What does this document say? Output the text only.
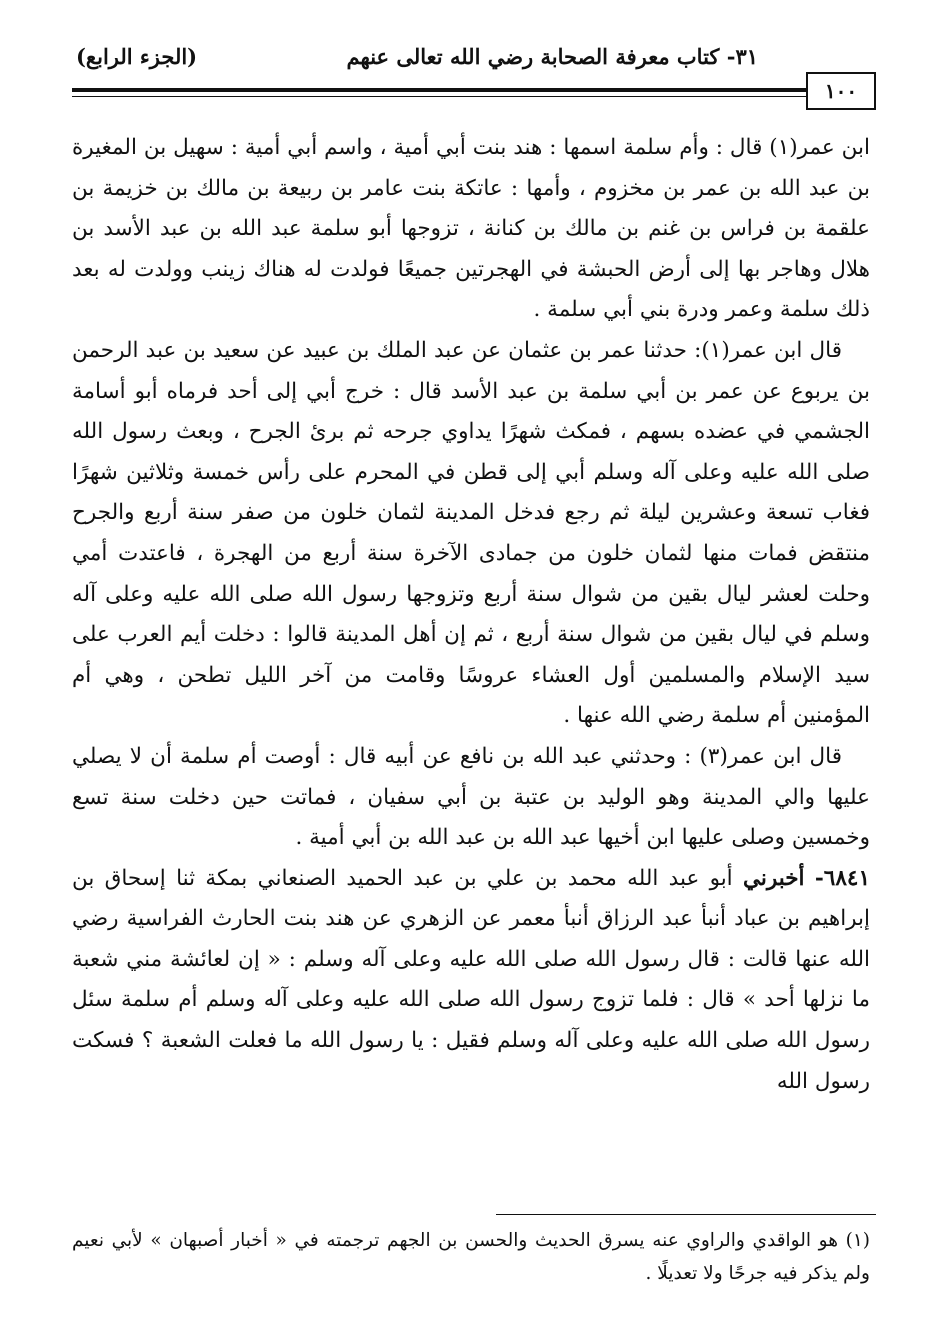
٣١- كتاب معرفة الصحابة رضي الله تعالى عنهم
(الجزء الرابع)
١٠٠

ابن عمر(١) قال : وأم سلمة اسمها : هند بنت أبي أمية ، واسم أبي أمية : سهيل بن المغيرة بن عبد الله بن عمر بن مخزوم ، وأمها : عاتكة بنت عامر بن ربيعة بن مالك بن خزيمة بن علقمة بن فراس بن غنم بن مالك بن كنانة ، تزوجها أبو سلمة عبد الله بن عبد الأسد بن هلال وهاجر بها إلى أرض الحبشة في الهجرتين جميعًا فولدت له هناك زينب وولدت له بعد ذلك سلمة وعمر ودرة بني أبي سلمة .

قال ابن عمر(١): حدثنا عمر بن عثمان عن عبد الملك بن عبيد عن سعيد بن عبد الرحمن بن يربوع عن عمر بن أبي سلمة بن عبد الأسد قال : خرج أبي إلى أحد فرماه أبو أسامة الجشمي في عضده بسهم ، فمكث شهرًا يداوي جرحه ثم برئ الجرح ، وبعث رسول الله صلى الله عليه وعلى آله وسلم أبي إلى قطن في المحرم على رأس خمسة وثلاثين شهرًا فغاب تسعة وعشرين ليلة ثم رجع فدخل المدينة لثمان خلون من صفر سنة أربع والجرح منتقض فمات منها لثمان خلون من جمادى الآخرة سنة أربع من الهجرة ، فاعتدت أمي وحلت لعشر ليال بقين من شوال سنة أربع وتزوجها رسول الله صلى الله عليه وعلى آله وسلم في ليال بقين من شوال سنة أربع ، ثم إن أهل المدينة قالوا : دخلت أيم العرب على سيد الإسلام والمسلمين أول العشاء عروسًا وقامت من آخر الليل تطحن ، وهي أم المؤمنين أم سلمة رضي الله عنها .

قال ابن عمر(٣) : وحدثني عبد الله بن نافع عن أبيه قال : أوصت أم سلمة أن لا يصلي عليها والي المدينة وهو الوليد بن عتبة بن أبي سفيان ، فماتت حين دخلت سنة تسع وخمسين وصلى عليها ابن أخيها عبد الله بن عبد الله بن أبي أمية .

٦٨٤١- أخبرني أبو عبد الله محمد بن علي بن عبد الحميد الصنعاني بمكة ثنا إسحاق بن إبراهيم بن عباد أنبأ عبد الرزاق أنبأ معمر عن الزهري عن هند بنت الحارث الفراسية رضي الله عنها قالت : قال رسول الله صلى الله عليه وعلى آله وسلم : « إن لعائشة مني شعبة ما نزلها أحد » قال : فلما تزوج رسول الله صلى الله عليه وعلى آله وسلم أم سلمة سئل رسول الله صلى الله عليه وعلى آله وسلم فقيل : يا رسول الله ما فعلت الشعبة ؟ فسكت رسول الله

(١) هو الواقدي والراوي عنه يسرق الحديث والحسن بن الجهم ترجمته في « أخبار أصبهان » لأبي نعيم ولم يذكر فيه جرحًا ولا تعديلًا .
